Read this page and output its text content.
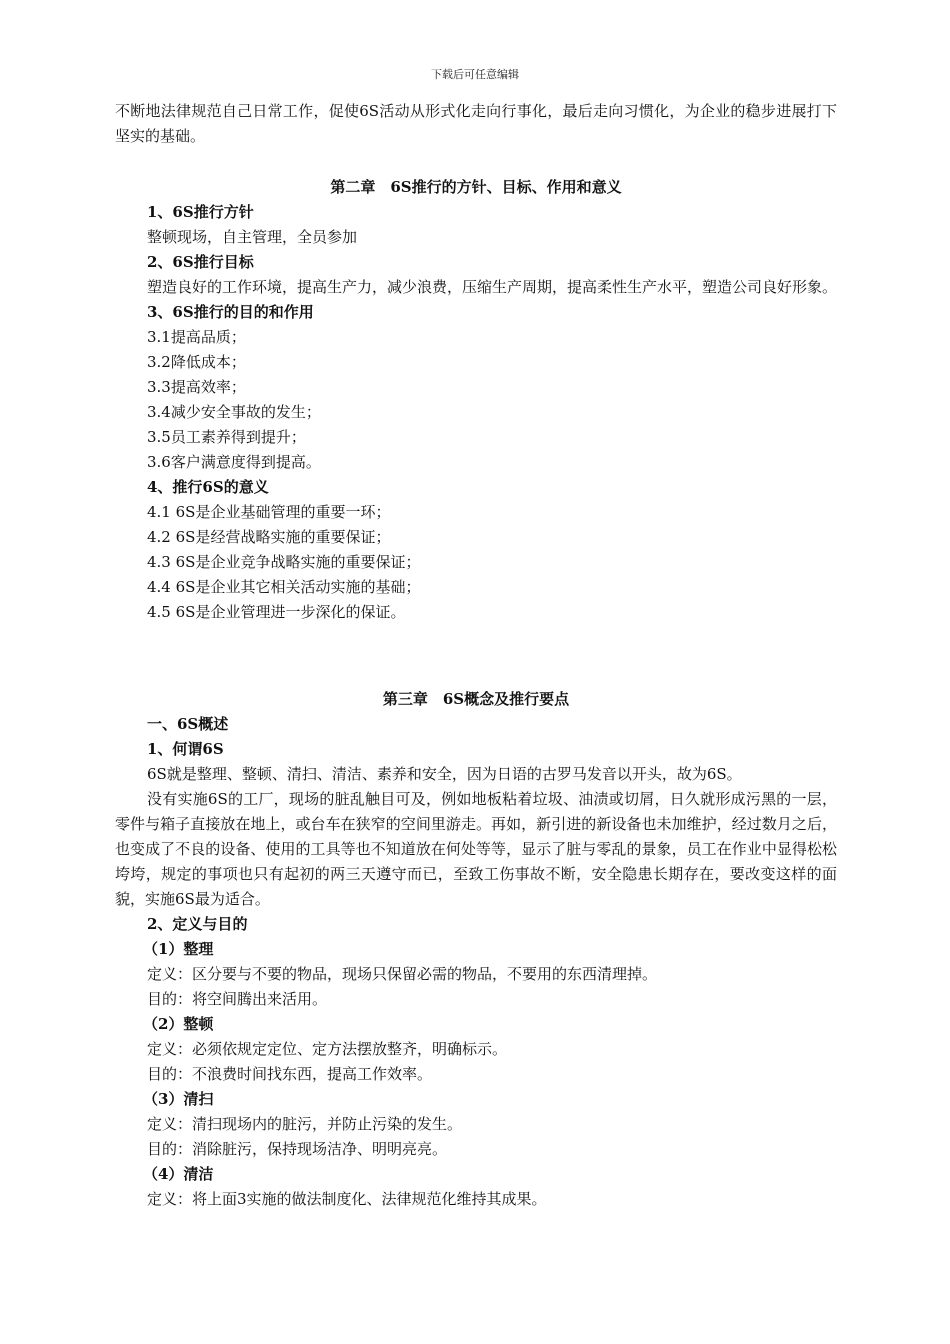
下载后可任意编辑

不断地法律规范自己日常工作，促使6S活动从形式化走向行事化，最后走向习惯化，为企业的稳步进展打下坚实的基础。

第二章　6S推行的方针、目标、作用和意义

1、6S推行方针

整顿现场，自主管理，全员参加

2、6S推行目标

塑造良好的工作环境，提高生产力，减少浪费，压缩生产周期，提高柔性生产水平，塑造公司良好形象。

3、6S推行的目的和作用

3.1提高品质；

3.2降低成本；

3.3提高效率；

3.4减少安全事故的发生；

3.5员工素养得到提升；

3.6客户满意度得到提高。

4、推行6S的意义

4.1 6S是企业基础管理的重要一环；

4.2 6S是经营战略实施的重要保证；

4.3 6S是企业竞争战略实施的重要保证；

4.4 6S是企业其它相关活动实施的基础；

4.5 6S是企业管理进一步深化的保证。

第三章　6S概念及推行要点

一、6S概述

1、何谓6S

6S就是整理、整顿、清扫、清洁、素养和安全，因为日语的古罗马发音以开头，故为6S。

没有实施6S的工厂，现场的脏乱触目可及，例如地板粘着垃圾、油渍或切屑，日久就形成污黑的一层，零件与箱子直接放在地上，或台车在狭窄的空间里游走。再如，新引进的新设备也未加维护，经过数月之后，也变成了不良的设备、使用的工具等也不知道放在何处等等，显示了脏与零乱的景象，员工在作业中显得松松垮垮，规定的事项也只有起初的两三天遵守而已，至致工伤事故不断，安全隐患长期存在，要改变这样的面貌，实施6S最为适合。

2、定义与目的

（1）整理

定义：区分要与不要的物品，现场只保留必需的物品，不要用的东西清理掉。

目的：将空间腾出来活用。

（2）整顿

定义：必须依规定定位、定方法摆放整齐，明确标示。

目的：不浪费时间找东西，提高工作效率。

（3）清扫

定义：清扫现场内的脏污，并防止污染的发生。

目的：消除脏污，保持现场洁净、明明亮亮。

（4）清洁

定义：将上面3实施的做法制度化、法律规范化维持其成果。
